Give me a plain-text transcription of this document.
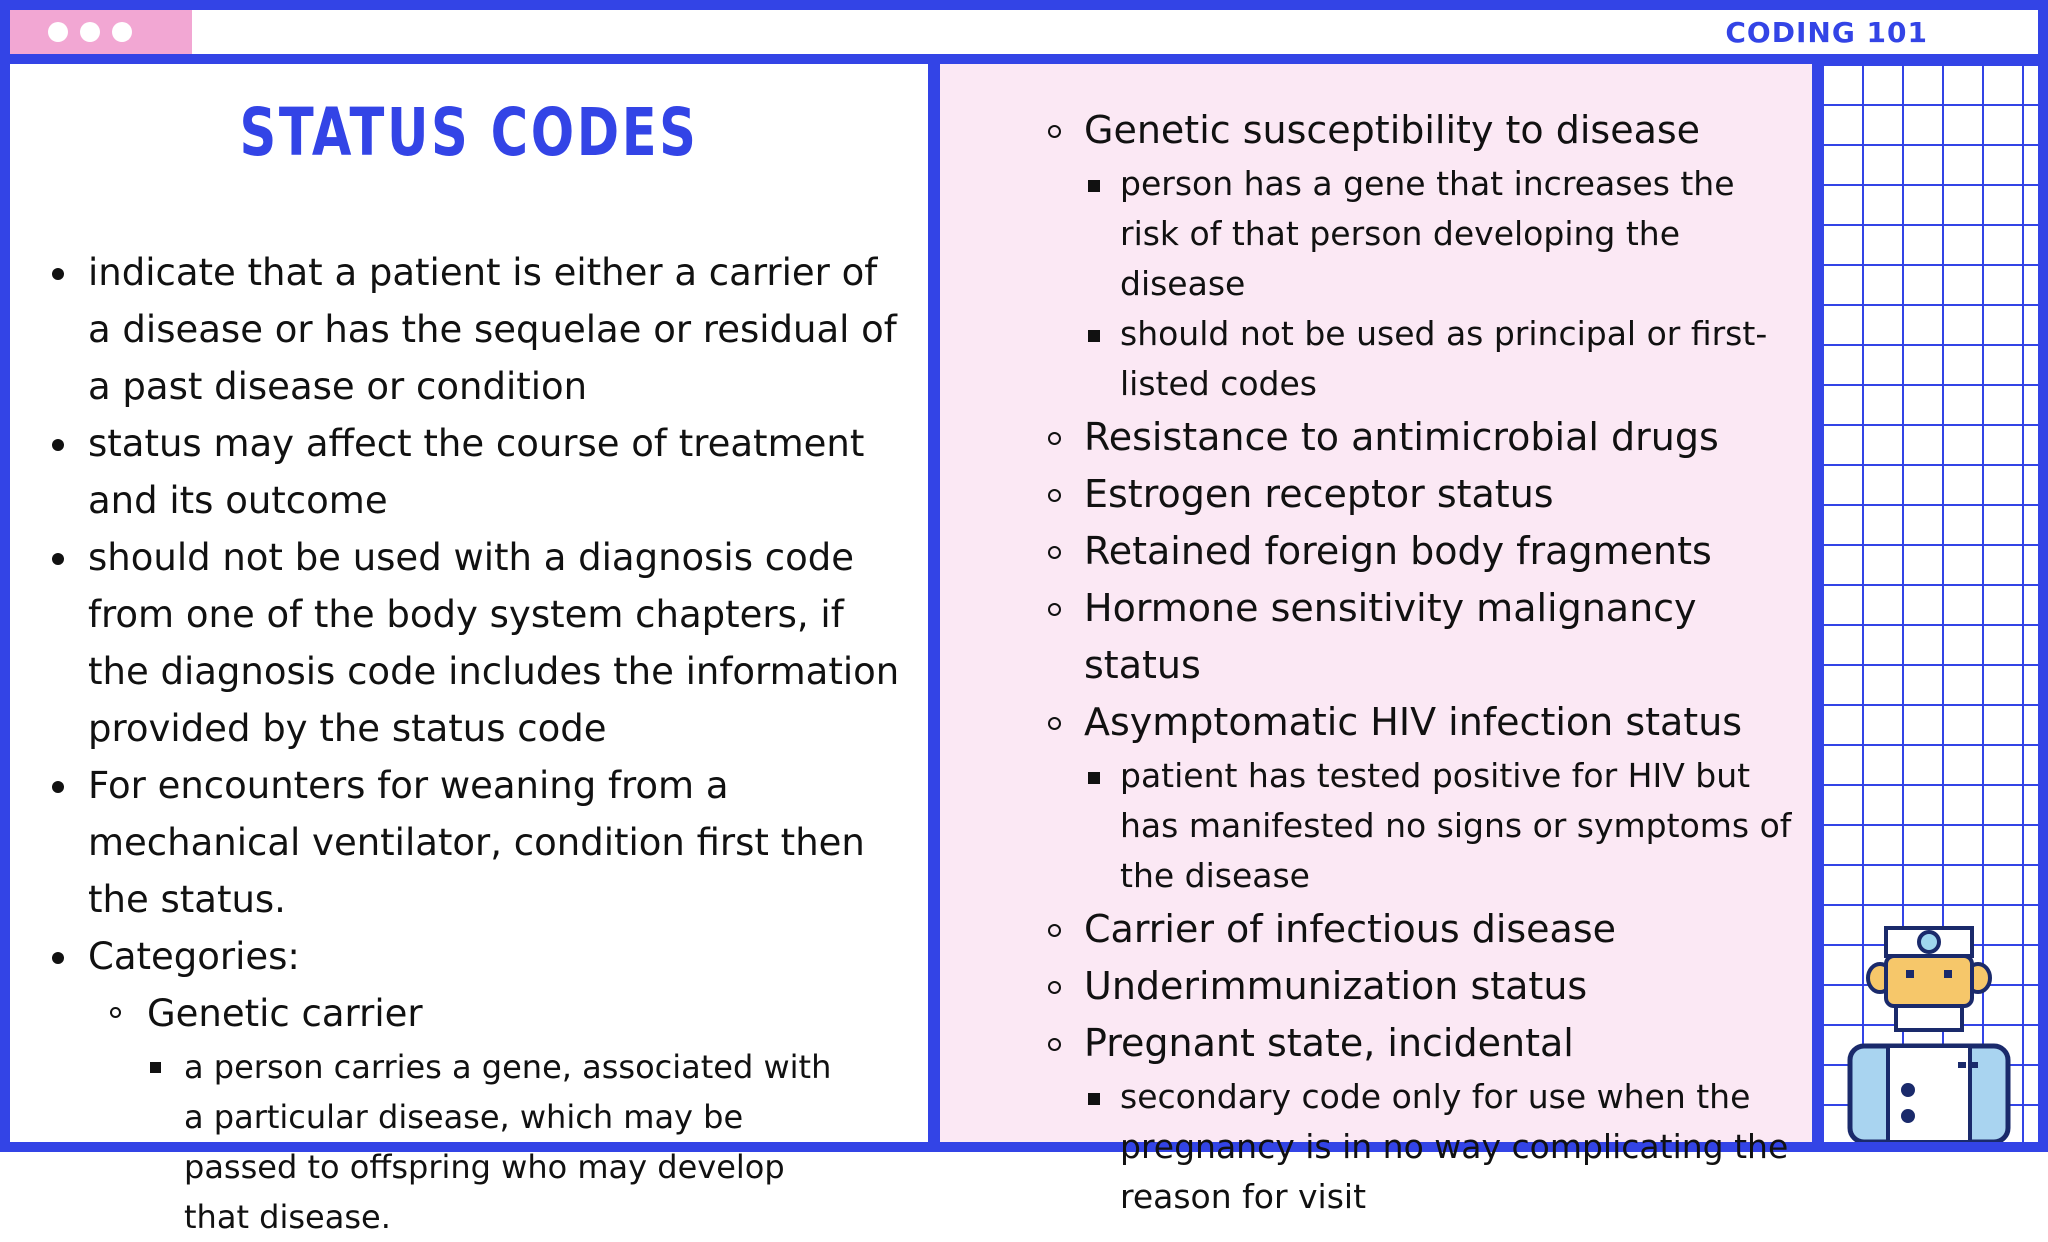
CODING 101
STATUS CODES
indicate that a patient is either a carrier of a disease or has the sequelae or residual of a past disease or condition
status may affect the course of treatment and its outcome
should not be used with a diagnosis code from one of the body system chapters, if the diagnosis code includes the information provided by the status code
For encounters for weaning from a mechanical ventilator, condition first then the status.
Categories:
Genetic carrier
a person carries a gene, associated with a particular disease, which may be passed to offspring who may develop that disease.
Genetic susceptibility to disease
person has a gene that increases the risk of that person developing the disease
should not be used as principal or first-listed codes
Resistance to antimicrobial drugs
Estrogen receptor status
Retained foreign body fragments
Hormone sensitivity malignancy status
Asymptomatic HIV infection status
patient has tested positive for HIV but has manifested no signs or symptoms of the disease
Carrier of infectious disease
Underimmunization status
Pregnant state, incidental
secondary code only for use when the pregnancy is in no way complicating the reason for visit
